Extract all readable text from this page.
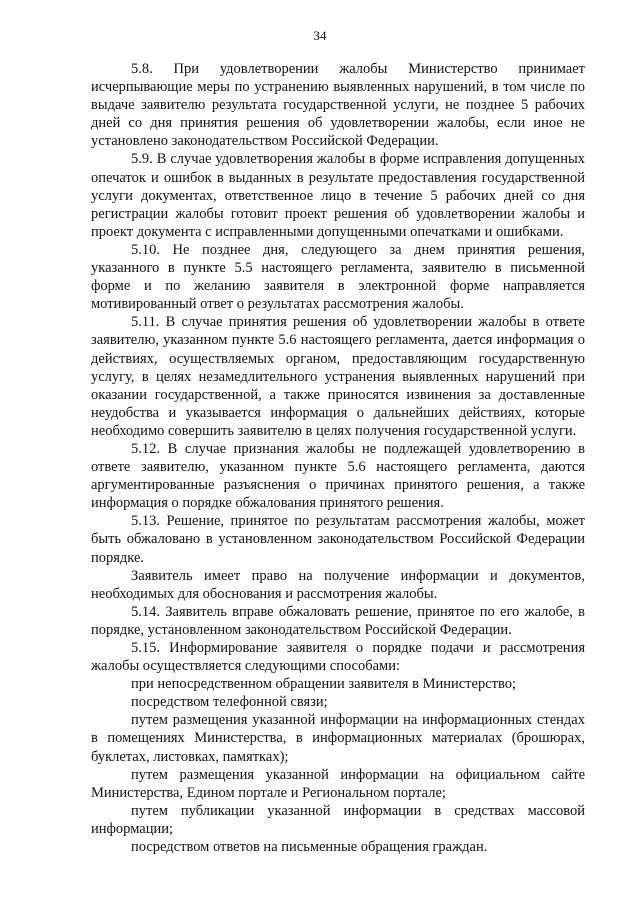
34

5.8. При удовлетворении жалобы Министерство принимает исчерпывающие меры по устранению выявленных нарушений, в том числе по выдаче заявителю результата государственной услуги, не позднее 5 рабочих дней со дня принятия решения об удовлетворении жалобы, если иное не установлено законодательством Российской Федерации.

5.9. В случае удовлетворения жалобы в форме исправления допущенных опечаток и ошибок в выданных в результате предоставления государственной услуги документах, ответственное лицо в течение 5 рабочих дней со дня регистрации жалобы готовит проект решения об удовлетворении жалобы и проект документа с исправленными допущенными опечатками и ошибками.

5.10. Не позднее дня, следующего за днем принятия решения, указанного в пункте 5.5 настоящего регламента, заявителю в письменной форме и по желанию заявителя в электронной форме направляется мотивированный ответ о результатах рассмотрения жалобы.

5.11. В случае принятия решения об удовлетворении жалобы в ответе заявителю, указанном пункте 5.6 настоящего регламента, дается информация о действиях, осуществляемых органом, предоставляющим государственную услугу, в целях незамедлительного устранения выявленных нарушений при оказании государственной, а также приносятся извинения за доставленные неудобства и указывается информация о дальнейших действиях, которые необходимо совершить заявителю в целях получения государственной услуги.

5.12. В случае признания жалобы не подлежащей удовлетворению в ответе заявителю, указанном пункте 5.6 настоящего регламента, даются аргументированные разъяснения о причинах принятого решения, а также информация о порядке обжалования принятого решения.

5.13. Решение, принятое по результатам рассмотрения жалобы, может быть обжаловано в установленном законодательством Российской Федерации порядке.

Заявитель имеет право на получение информации и документов, необходимых для обоснования и рассмотрения жалобы.

5.14. Заявитель вправе обжаловать решение, принятое по его жалобе, в порядке, установленном законодательством Российской Федерации.

5.15. Информирование заявителя о порядке подачи и рассмотрения жалобы осуществляется следующими способами:

при непосредственном обращении заявителя в Министерство;

посредством телефонной связи;

путем размещения указанной информации на информационных стендах в помещениях Министерства, в информационных материалах (брошюрах, буклетах, листовках, памятках);

путем размещения указанной информации на официальном сайте Министерства, Едином портале и Региональном портале;

путем публикации указанной информации в средствах массовой информации;

посредством ответов на письменные обращения граждан.
